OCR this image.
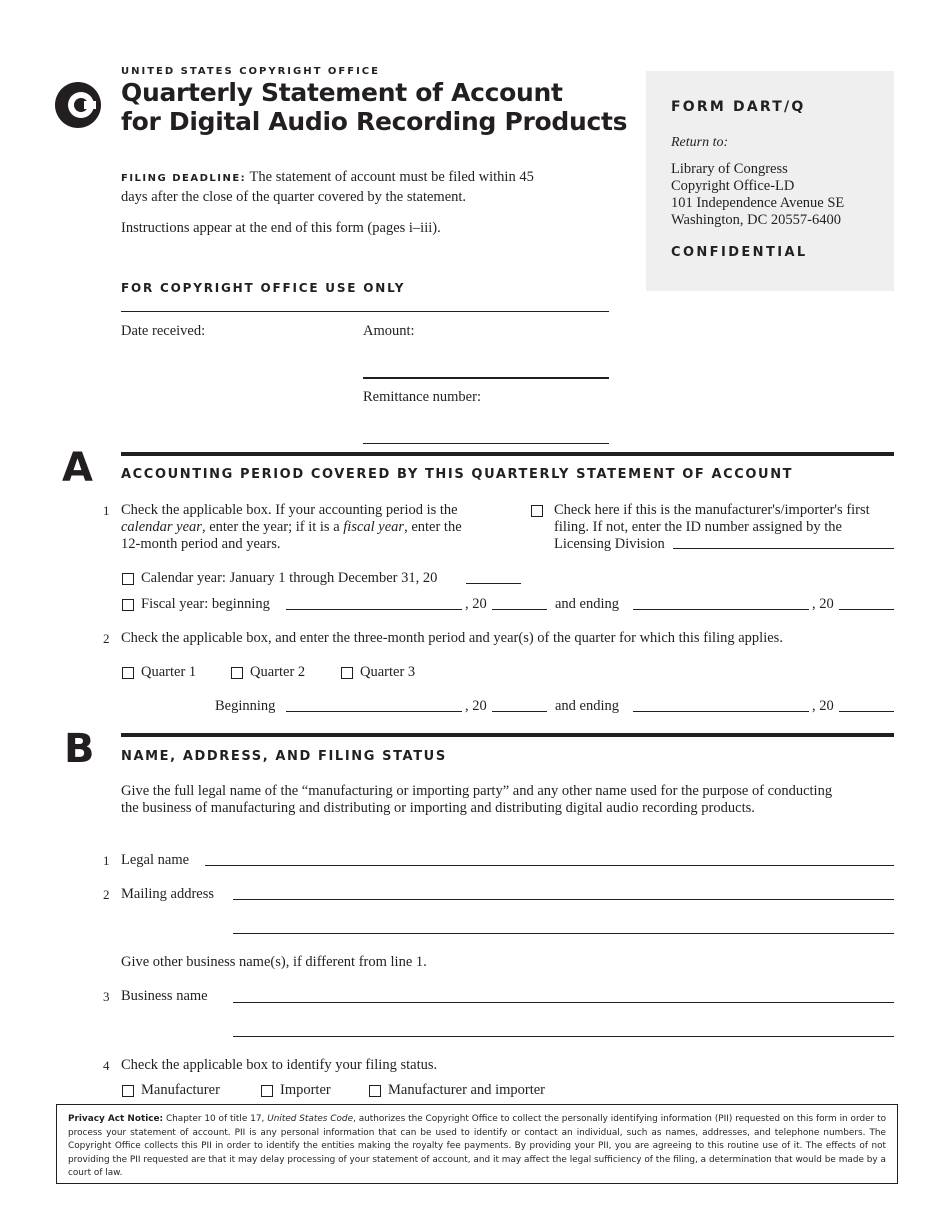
UNITED STATES COPYRIGHT OFFICE
Quarterly Statement of Account
for Digital Audio Recording Products
FILING DEADLINE: The statement of account must be filed within 45 days after the close of the quarter covered by the statement.
Instructions appear at the end of this form (pages i–iii).
FORM DART/Q
Return to:
Library of Congress
Copyright Office-LD
101 Independence Avenue SE
Washington, DC 20557-6400
CONFIDENTIAL
FOR COPYRIGHT OFFICE USE ONLY
Date received:	Amount:
Remittance number:
A ACCOUNTING PERIOD COVERED BY THIS QUARTERLY STATEMENT OF ACCOUNT
1 Check the applicable box. If your accounting period is the calendar year, enter the year; if it is a fiscal year, enter the 12-month period and years.
Check here if this is the manufacturer's/importer's first filing. If not, enter the ID number assigned by the Licensing Division
Calendar year: January 1 through December 31, 20
Fiscal year: beginning	, 20	and ending	, 20
2 Check the applicable box, and enter the three-month period and year(s) of the quarter for which this filing applies.
Quarter 1	Quarter 2	Quarter 3
Beginning	, 20	and ending	, 20
B NAME, ADDRESS, AND FILING STATUS
Give the full legal name of the “manufacturing or importing party” and any other name used for the purpose of conducting the business of manufacturing and distributing or importing and distributing digital audio recording products.
1 Legal name
2 Mailing address
Give other business name(s), if different from line 1.
3 Business name
4 Check the applicable box to identify your filing status.
Manufacturer	Importer	Manufacturer and importer
Privacy Act Notice: Chapter 10 of title 17, United States Code, authorizes the Copyright Office to collect the personally identifying information (PII) requested on this form in order to process your statement of account. PII is any personal information that can be used to identify or contact an individual, such as names, addresses, and telephone numbers. The Copyright Office collects this PII in order to identify the entities making the royalty fee payments. By providing your PII, you are agreeing to this routine use of it. The effects of not providing the PII requested are that it may delay processing of your statement of account, and it may affect the legal sufficiency of the filing, a determination that would be made by a court of law.
